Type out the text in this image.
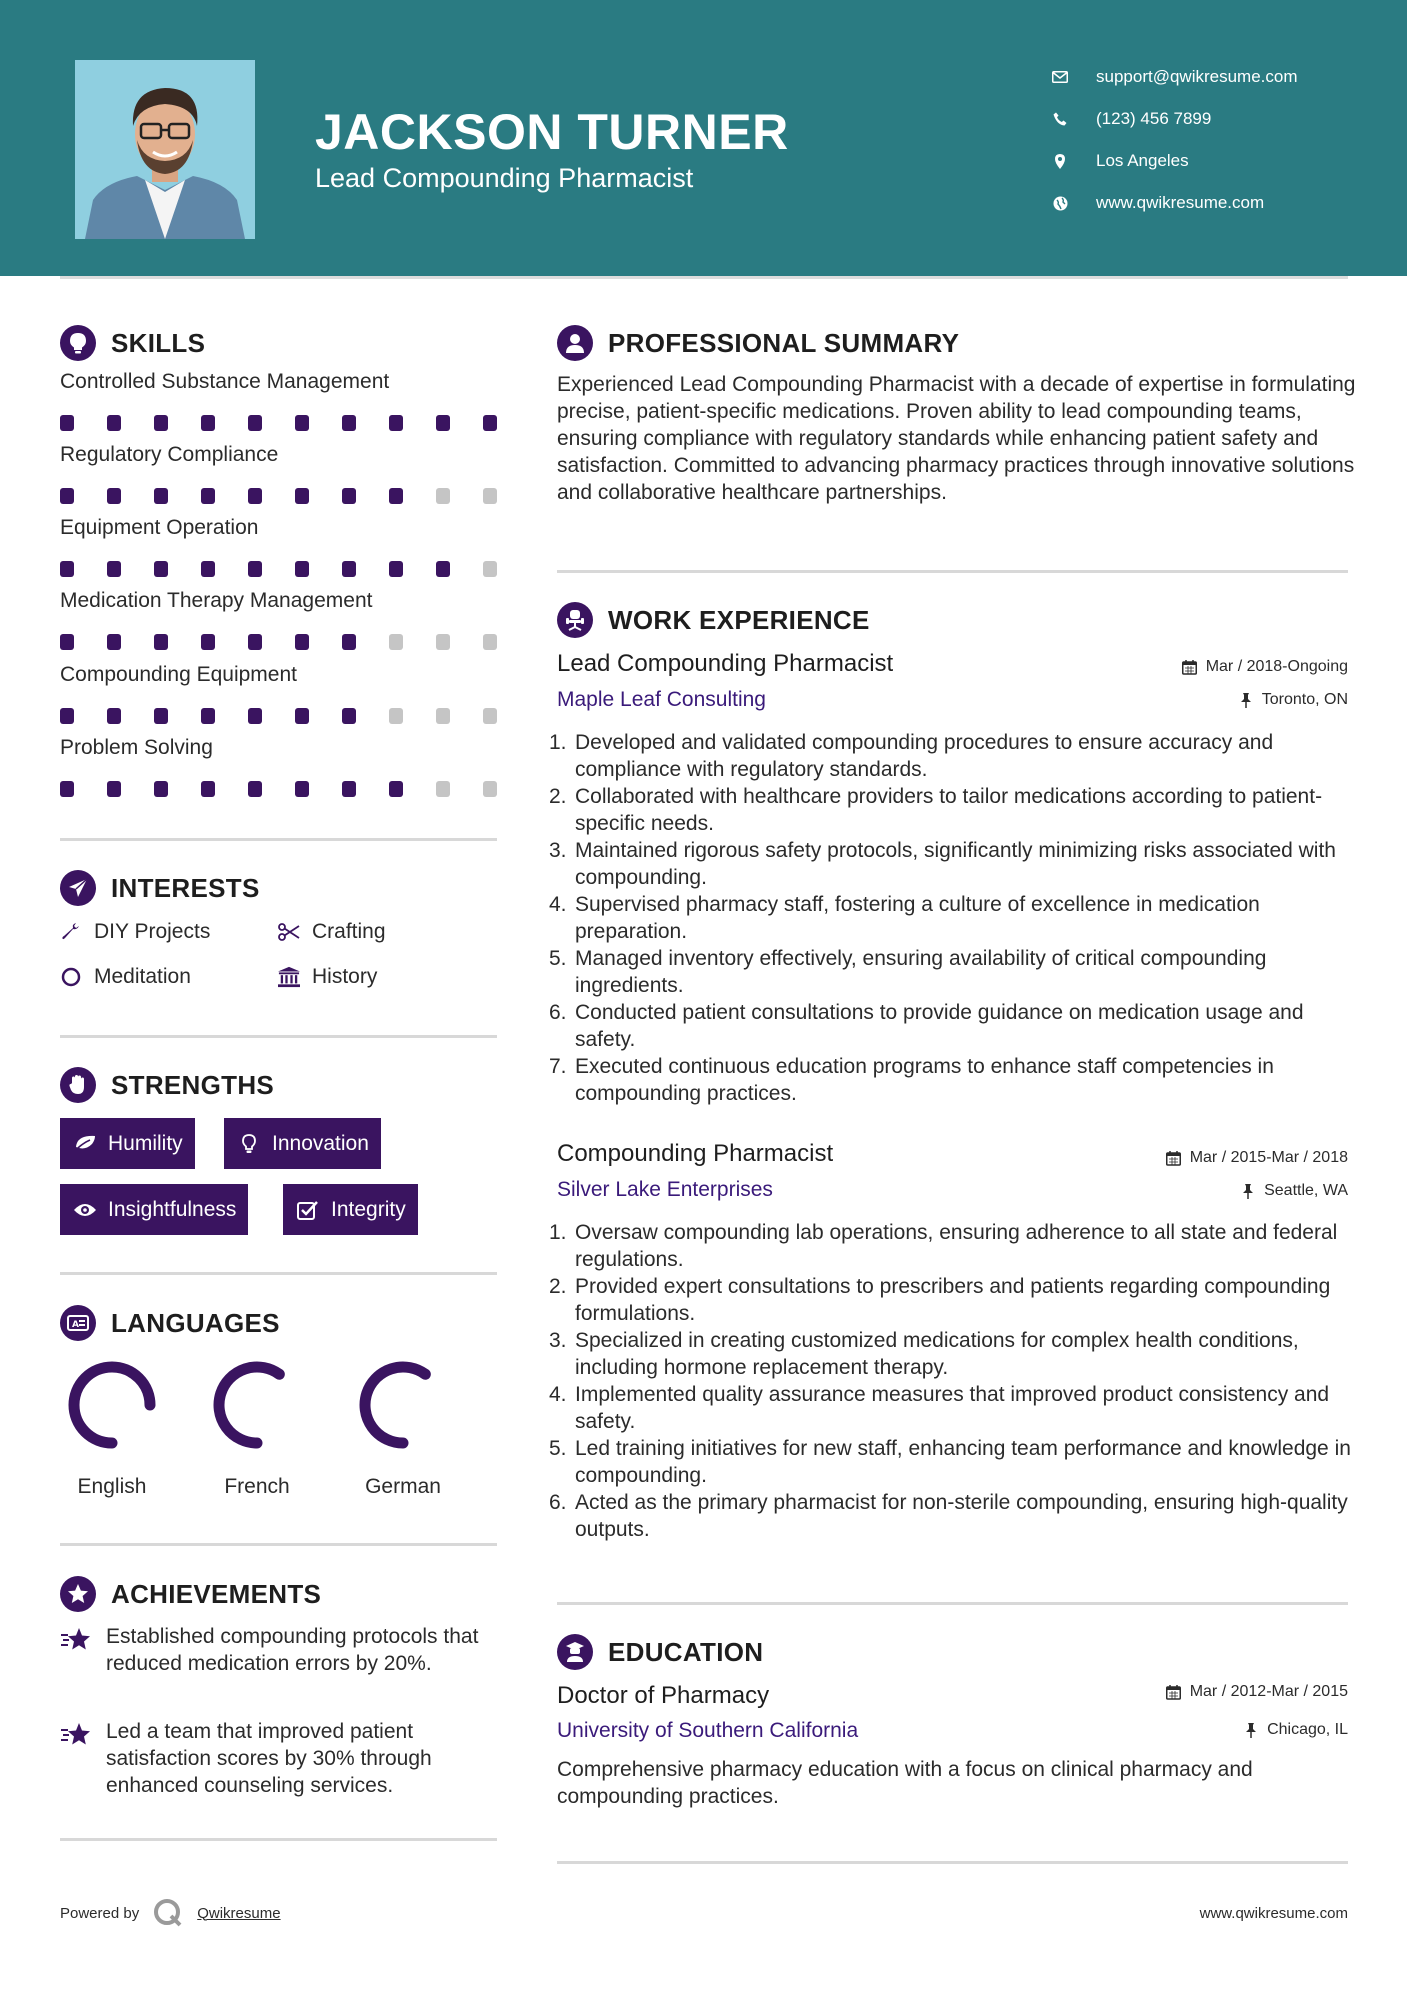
JACKSON TURNER
Lead Compounding Pharmacist
support@qwikresume.com
(123) 456 7899
Los Angeles
www.qwikresume.com
SKILLS
Controlled Substance Management
Regulatory Compliance
Equipment Operation
Medication Therapy Management
Compounding Equipment
Problem Solving
INTERESTS
DIY Projects	Crafting
Meditation	History
STRENGTHS
Humility	Innovation
Insightfulness	Integrity
A LANGUAGES
English	French	German
ACHIEVEMENTS
Established compounding protocols that reduced medication errors by 20%.
Led a team that improved patient satisfaction scores by 30% through enhanced counseling services.
PROFESSIONAL SUMMARY
Experienced Lead Compounding Pharmacist with a decade of expertise in formulating precise, patient-specific medications. Proven ability to lead compounding teams, ensuring compliance with regulatory standards while enhancing patient safety and satisfaction. Committed to advancing pharmacy practices through innovative solutions and collaborative healthcare partnerships.
WORK EXPERIENCE
Lead Compounding Pharmacist	Mar / 2018-Ongoing
Maple Leaf Consulting	Toronto, ON
1. Developed and validated compounding procedures to ensure accuracy and compliance with regulatory standards.
2. Collaborated with healthcare providers to tailor medications according to patient-specific needs.
3. Maintained rigorous safety protocols, significantly minimizing risks associated with compounding.
4. Supervised pharmacy staff, fostering a culture of excellence in medication preparation.
5. Managed inventory effectively, ensuring availability of critical compounding ingredients.
6. Conducted patient consultations to provide guidance on medication usage and safety.
7. Executed continuous education programs to enhance staff competencies in compounding practices.
Compounding Pharmacist	Mar / 2015-Mar / 2018
Silver Lake Enterprises	Seattle, WA
1. Oversaw compounding lab operations, ensuring adherence to all state and federal regulations.
2. Provided expert consultations to prescribers and patients regarding compounding formulations.
3. Specialized in creating customized medications for complex health conditions, including hormone replacement therapy.
4. Implemented quality assurance measures that improved product consistency and safety.
5. Led training initiatives for new staff, enhancing team performance and knowledge in compounding.
6. Acted as the primary pharmacist for non-sterile compounding, ensuring high-quality outputs.
EDUCATION
Doctor of Pharmacy	Mar / 2012-Mar / 2015
University of Southern California	Chicago, IL
Comprehensive pharmacy education with a focus on clinical pharmacy and compounding practices.
Powered by	Qwikresume	www.qwikresume.com
